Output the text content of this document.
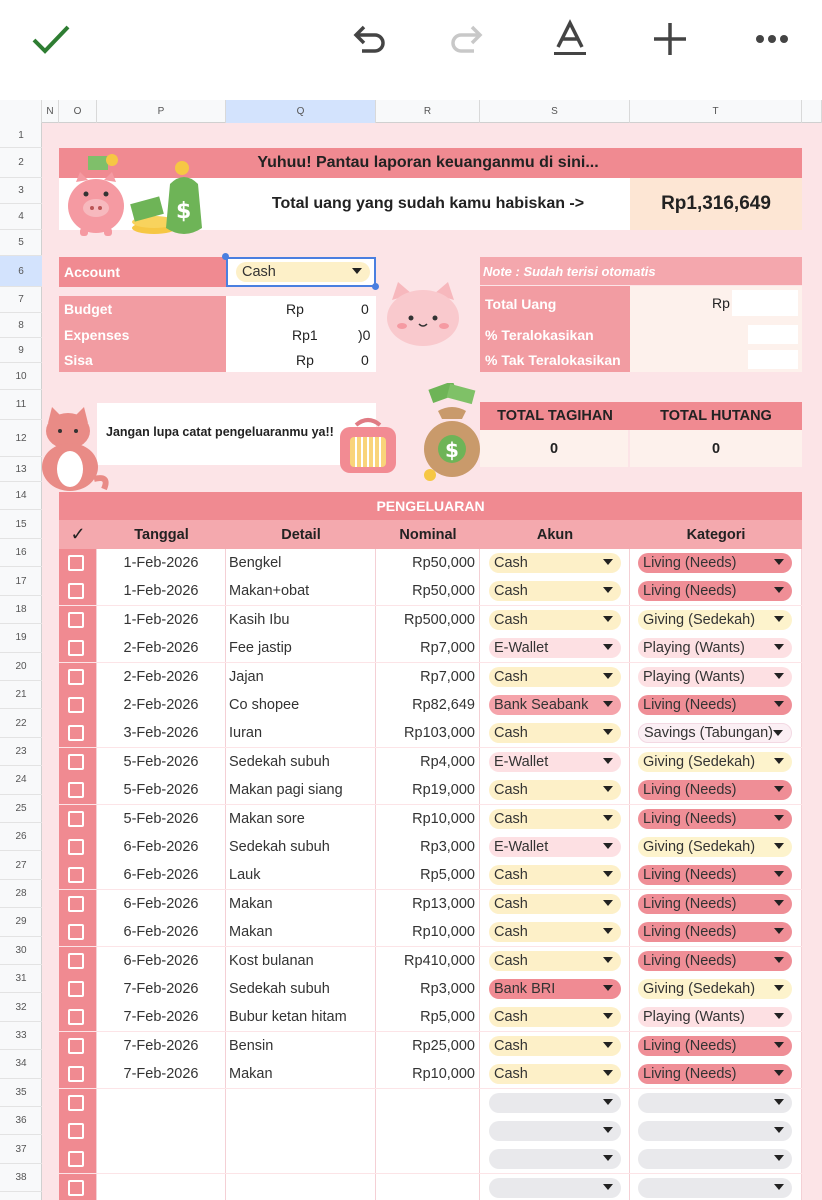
N	O	P	Q	R	S	T
1
2
3
4
5
6
7
8
9
10
11
12
13
14
15
16
17
18
19
20
21
22
23
24
25
26
27
28
29
30
31
32
33
34
35
36
37
38
Yuhuu! Pantau laporan keuanganmu di sini...
Total uang yang sudah kamu habiskan ->	Rp1,316,649
$
Account	Cash
Budget	Rp	0
Expenses	Rp1	)0
Sisa	Rp	0
Note : Sudah terisi otomatis
Total Uang	Rp
% Teralokasikan
% Tak Teralokasikan
Jangan lupa catat pengeluaranmu ya!!
$
TOTAL TAGIHAN	TOTAL HUTANG
0	0
PENGELUARAN
✓	Tanggal	Detail	Nominal	Akun	Kategori
1-Feb-2026	Bengkel	Rp50,000	Cash	Living (Needs)
1-Feb-2026	Makan+obat	Rp50,000	Cash	Living (Needs)
1-Feb-2026	Kasih Ibu	Rp500,000	Cash	Giving (Sedekah)
2-Feb-2026	Fee jastip	Rp7,000	E-Wallet	Playing (Wants)
2-Feb-2026	Jajan	Rp7,000	Cash	Playing (Wants)
2-Feb-2026	Co shopee	Rp82,649	Bank Seabank	Living (Needs)
3-Feb-2026	Iuran	Rp103,000	Cash	Savings (Tabungan)
5-Feb-2026	Sedekah subuh	Rp4,000	E-Wallet	Giving (Sedekah)
5-Feb-2026	Makan pagi siang	Rp19,000	Cash	Living (Needs)
5-Feb-2026	Makan sore	Rp10,000	Cash	Living (Needs)
6-Feb-2026	Sedekah subuh	Rp3,000	E-Wallet	Giving (Sedekah)
6-Feb-2026	Lauk	Rp5,000	Cash	Living (Needs)
6-Feb-2026	Makan	Rp13,000	Cash	Living (Needs)
6-Feb-2026	Makan	Rp10,000	Cash	Living (Needs)
6-Feb-2026	Kost bulanan	Rp410,000	Cash	Living (Needs)
7-Feb-2026	Sedekah subuh	Rp3,000	Bank BRI	Giving (Sedekah)
7-Feb-2026	Bubur ketan hitam	Rp5,000	Cash	Playing (Wants)
7-Feb-2026	Bensin	Rp25,000	Cash	Living (Needs)
7-Feb-2026	Makan	Rp10,000	Cash	Living (Needs)
